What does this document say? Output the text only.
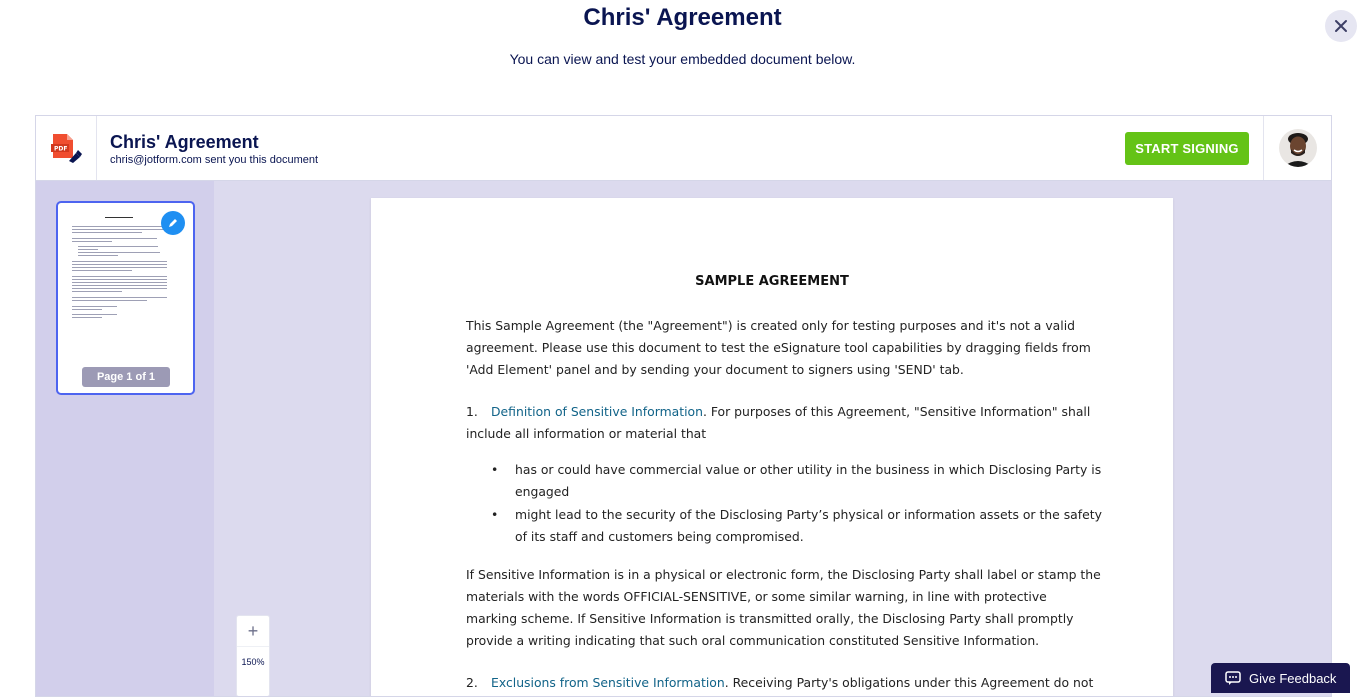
Chris' Agreement
You can view and test your embedded document below.
PDF Chris' Agreement
chris@jotform.com sent you this document
START SIGNING
Page 1 of 1
+
150%
SAMPLE AGREEMENT
This Sample Agreement (the "Agreement") is created only for testing purposes and it's not a valid
agreement. Please use this document to test the eSignature tool capabilities by dragging fields from
'Add Element' panel and by sending your document to signers using 'SEND' tab.
1. Definition of Sensitive Information. For purposes of this Agreement, "Sensitive Information" shall
include all information or material that
• has or could have commercial value or other utility in the business in which Disclosing Party is
engaged
• might lead to the security of the Disclosing Party’s physical or information assets or the safety
of its staff and customers being compromised.
If Sensitive Information is in a physical or electronic form, the Disclosing Party shall label or stamp the
materials with the words OFFICIAL-SENSITIVE, or some similar warning, in line with protective
marking scheme. If Sensitive Information is transmitted orally, the Disclosing Party shall promptly
provide a writing indicating that such oral communication constituted Sensitive Information.
2. Exclusions from Sensitive Information. Receiving Party's obligations under this Agreement do not	Give Feedback
